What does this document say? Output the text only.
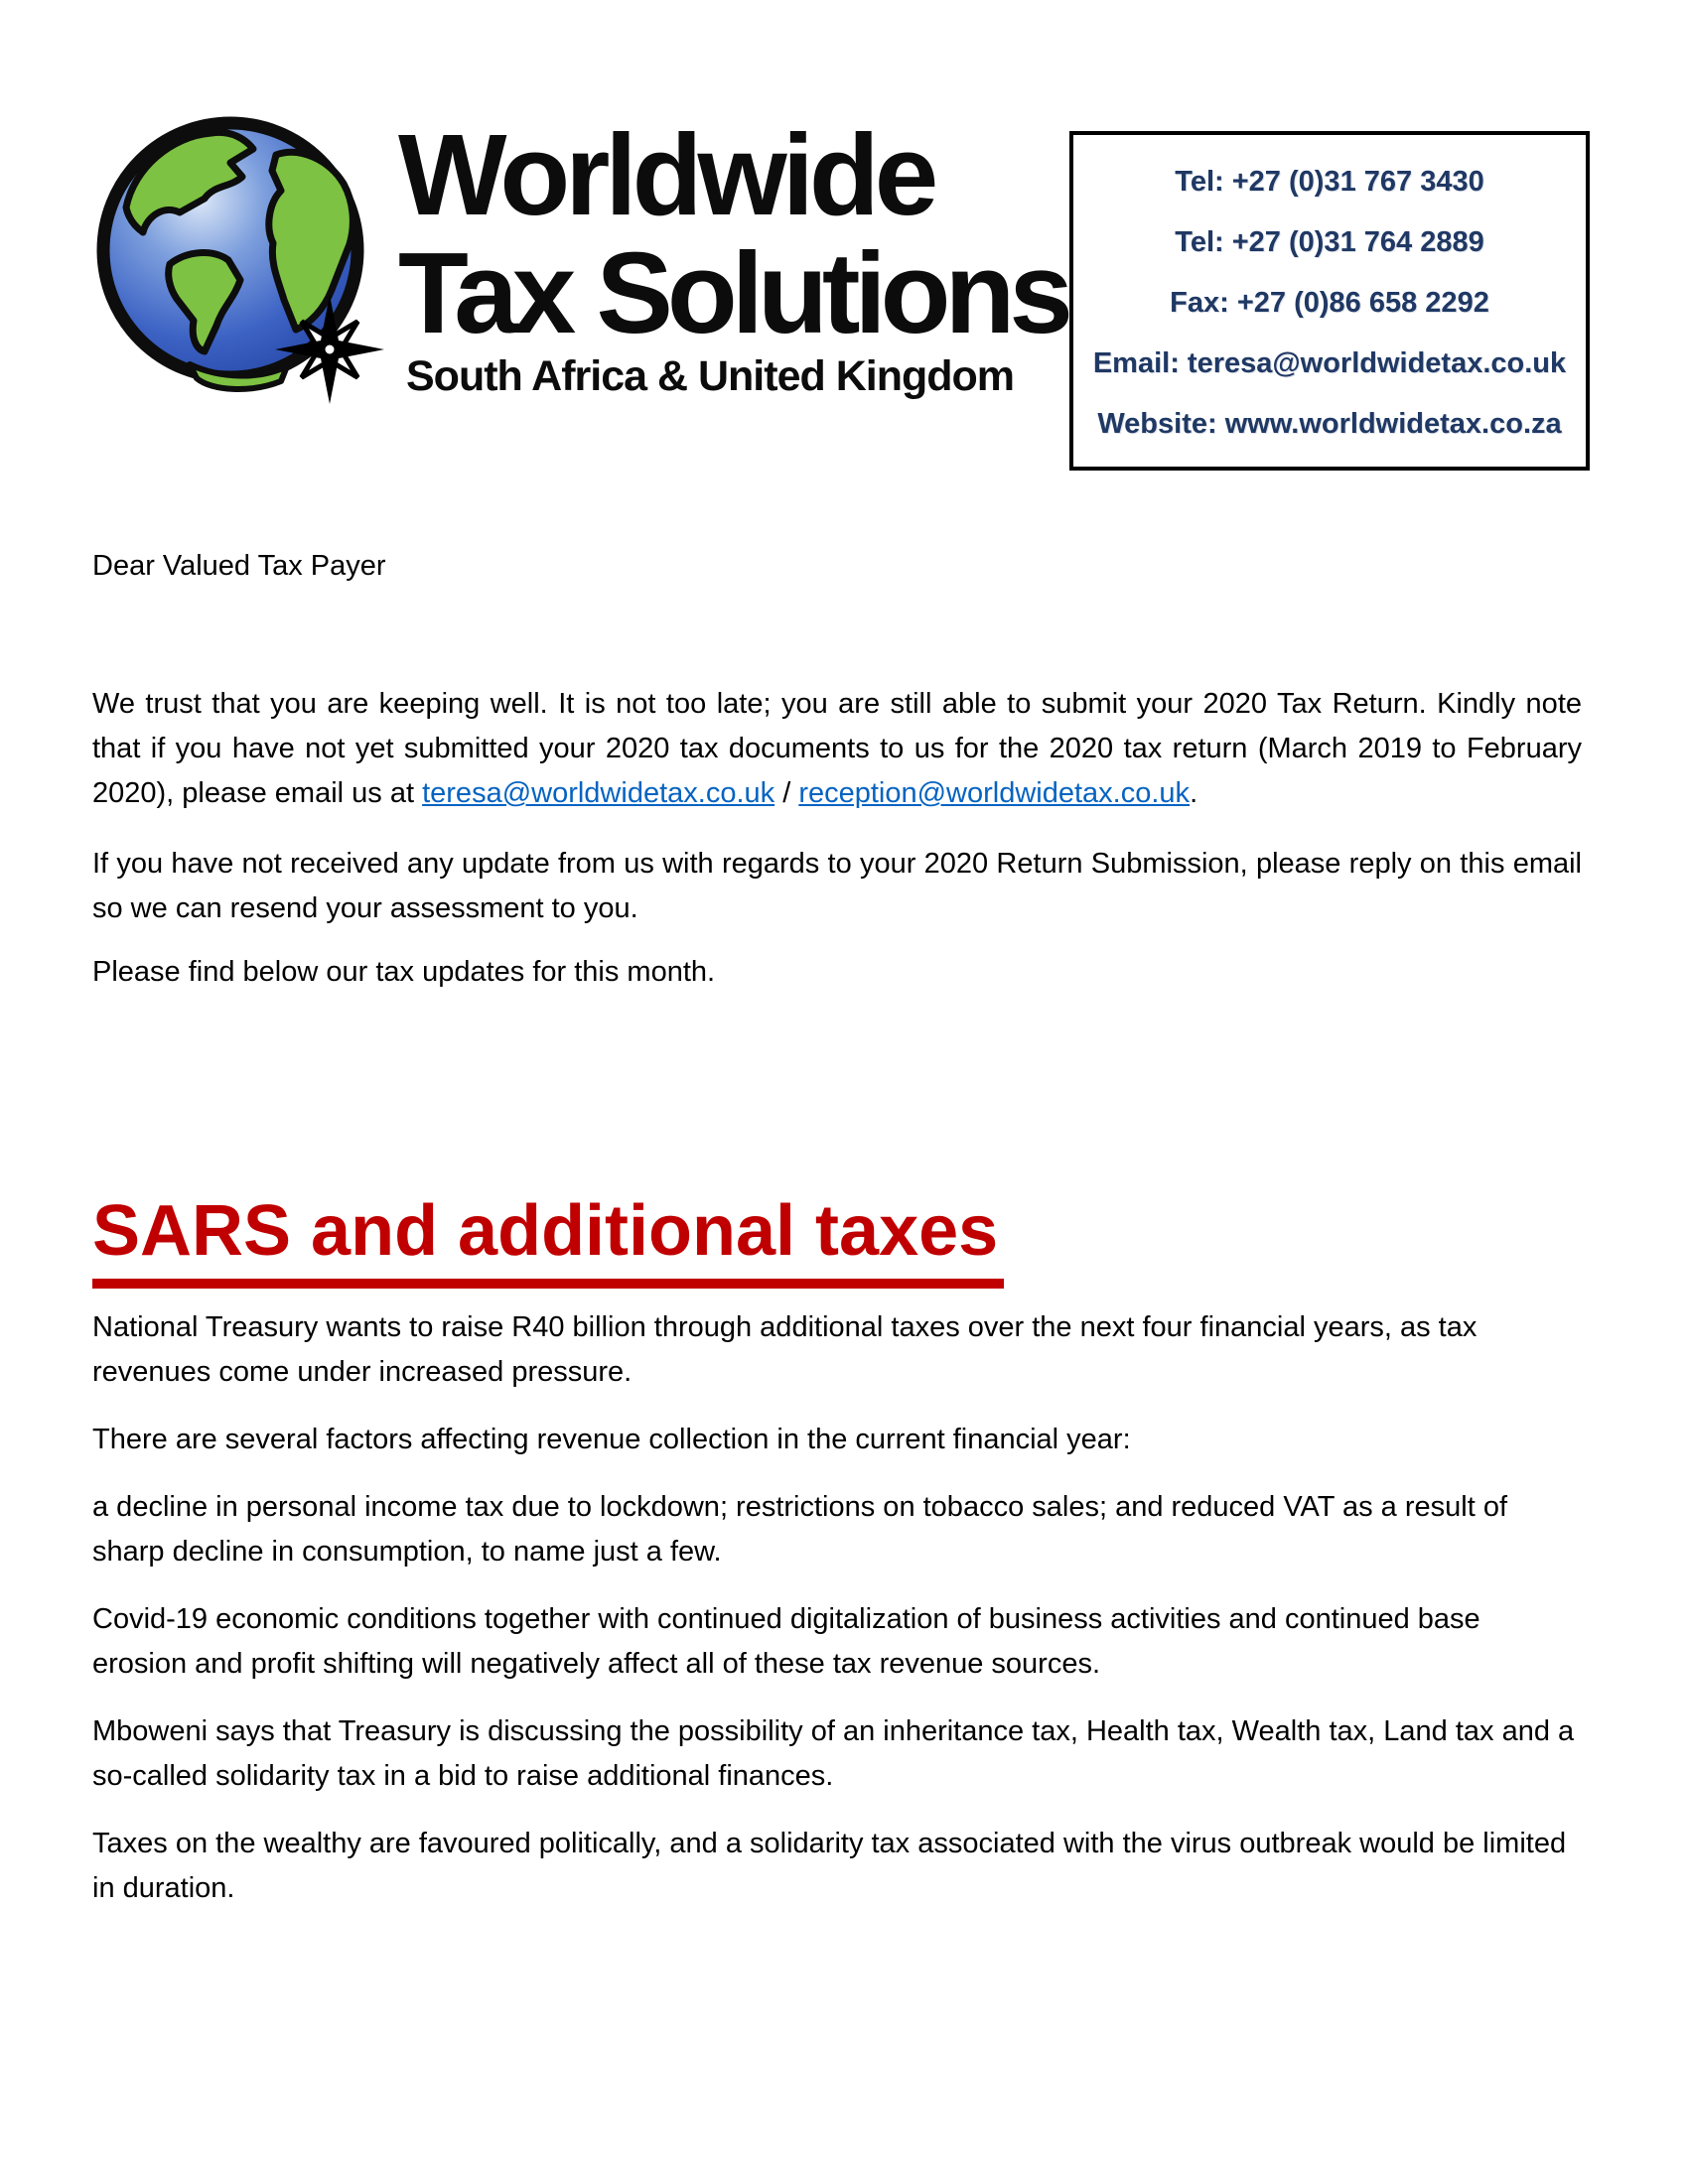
Worldwide
Tax Solutions
South Africa & United Kingdom
Tel: +27 (0)31 767 3430
Tel: +27 (0)31 764 2889
Fax: +27 (0)86 658 2292
Email: teresa@worldwidetax.co.uk
Website: www.worldwidetax.co.za

Dear Valued Tax Payer

We trust that you are keeping well. It is not too late; you are still able to submit your 2020 Tax Return. Kindly note that if you have not yet submitted your 2020 tax documents to us for the 2020 tax return (March 2019 to February 2020), please email us at teresa@worldwidetax.co.uk / reception@worldwidetax.co.uk.

If you have not received any update from us with regards to your 2020 Return Submission, please reply on this email so we can resend your assessment to you.

Please find below our tax updates for this month.

SARS and additional taxes

National Treasury wants to raise R40 billion through additional taxes over the next four financial years, as tax revenues come under increased pressure.

There are several factors affecting revenue collection in the current financial year:

a decline in personal income tax due to lockdown; restrictions on tobacco sales; and reduced VAT as a result of sharp decline in consumption, to name just a few.

Covid-19 economic conditions together with continued digitalization of business activities and continued base erosion and profit shifting will negatively affect all of these tax revenue sources.

Mboweni says that Treasury is discussing the possibility of an inheritance tax, Health tax, Wealth tax, Land tax and a so-called solidarity tax in a bid to raise additional finances.

Taxes on the wealthy are favoured politically, and a solidarity tax associated with the virus outbreak would be limited in duration.
